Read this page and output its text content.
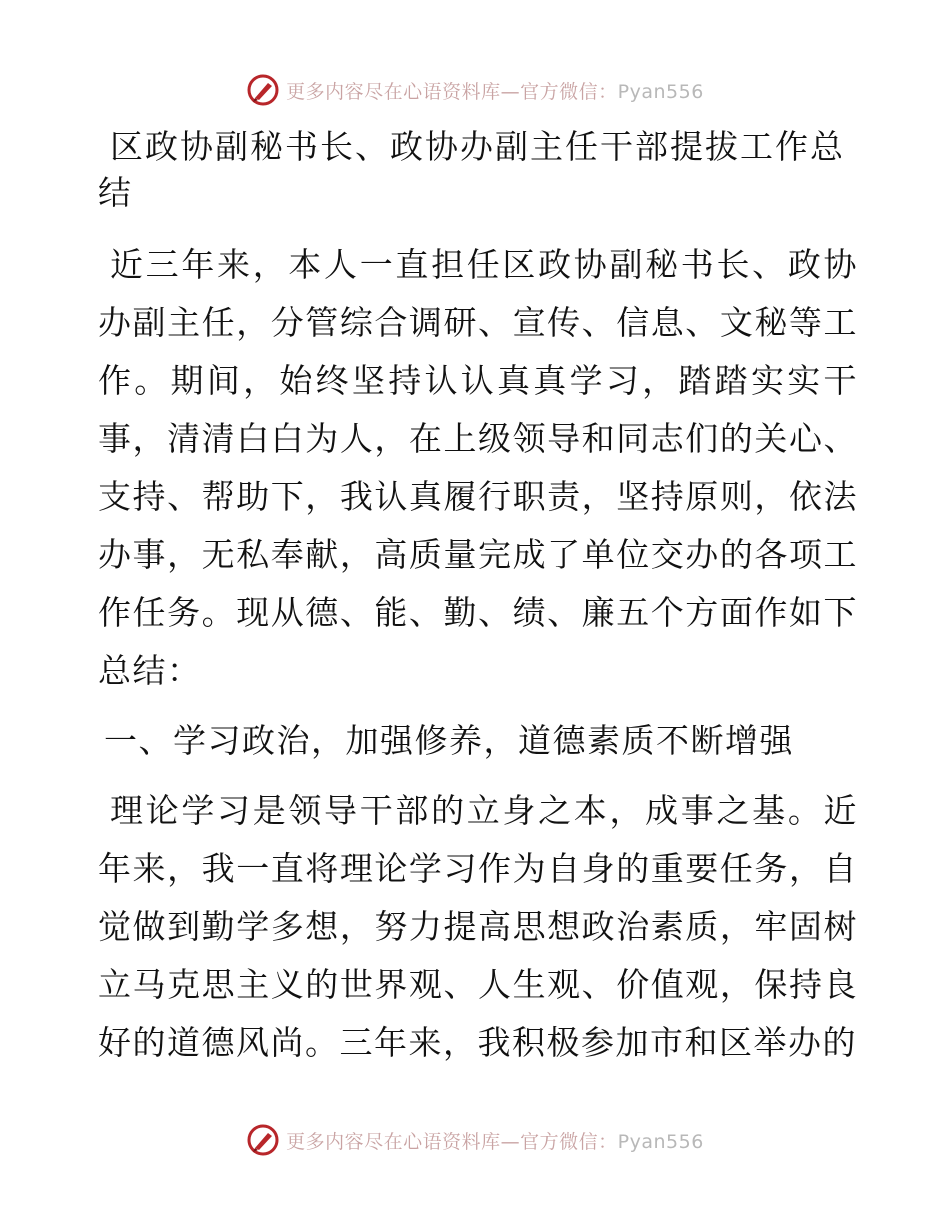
更多内容尽在心语资料库—官方微信：Pyan556
区政协副秘书长、政协办副主任干部提拔工作总结

近三年来，本人一直担任区政协副秘书长、政协办副主任，分管综合调研、宣传、信息、文秘等工作。期间，始终坚持认认真真学习，踏踏实实干事，清清白白为人，在上级领导和同志们的关心、支持、帮助下，我认真履行职责，坚持原则，依法办事，无私奉献，高质量完成了单位交办的各项工作任务。现从德、能、勤、绩、廉五个方面作如下总结：

一、学习政治，加强修养，道德素质不断增强

理论学习是领导干部的立身之本，成事之基。近年来，我一直将理论学习作为自身的重要任务，自觉做到勤学多想，努力提高思想政治素质，牢固树立马克思主义的世界观、人生观、价值观，保持良好的道德风尚。三年来，我积极参加市和区举办的

更多内容尽在心语资料库—官方微信：Pyan556
